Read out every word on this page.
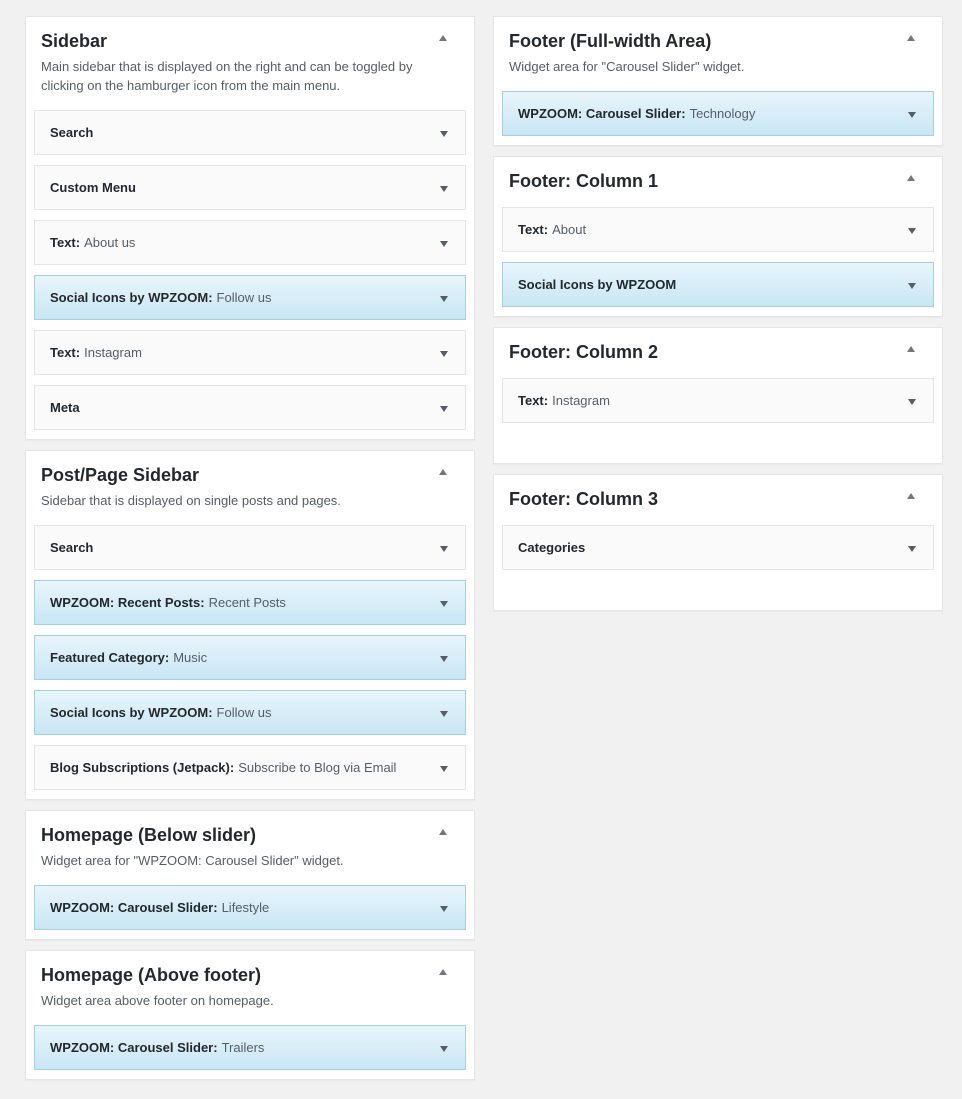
Sidebar

Main sidebar that is displayed on the right and can be toggled by clicking on the hamburger icon from the main menu.

Search
Custom Menu
Text: About us
Social Icons by WPZOOM: Follow us
Text: Instagram
Meta
Post/Page Sidebar

Sidebar that is displayed on single posts and pages.

Search
WPZOOM: Recent Posts: Recent Posts
Featured Category: Music
Social Icons by WPZOOM: Follow us
Blog Subscriptions (Jetpack): Subscribe to Blog via Email
Homepage (Below slider)

Widget area for "WPZOOM: Carousel Slider" widget.

WPZOOM: Carousel Slider: Lifestyle
Homepage (Above footer)

Widget area above footer on homepage.

WPZOOM: Carousel Slider: Trailers
Footer (Full-width Area)

Widget area for "Carousel Slider" widget.

WPZOOM: Carousel Slider: Technology
Footer: Column 1
Text: About
Social Icons by WPZOOM
Footer: Column 2
Text: Instagram
Footer: Column 3
Categories
